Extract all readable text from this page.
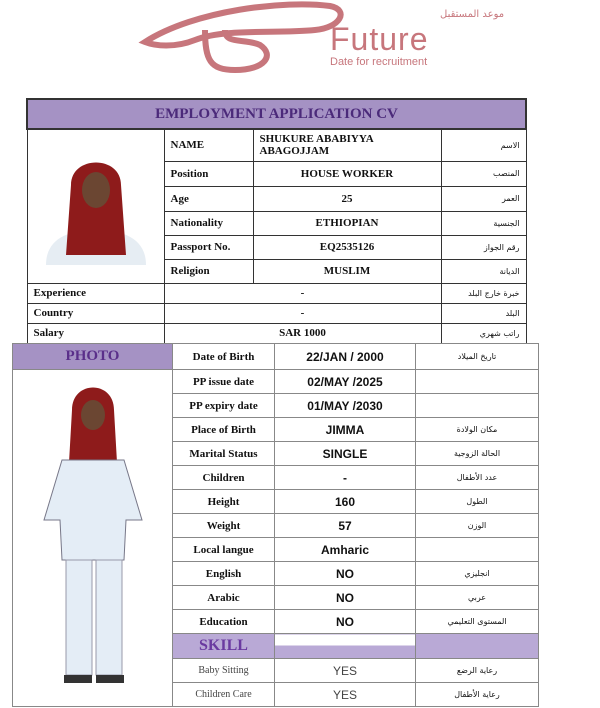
موعد المستقبل
Future
Date for recruitment
EMPLOYMENT APPLICATION CV			
	NAME	SHUKURE ABABIYYA ABAGOJJAM	الاسم
	Position	HOUSE WORKER	المنصب
	Age	25	العمر
	Nationality	ETHIOPIAN	الجنسية
	Passport No.	EQ2535126	رقم الجواز
	Religion	MUSLIM	الديانة
Experience	-		خبرة خارج البلد
Country	-		البلد
Salary	SAR 1000		راتب شهري
PHOTO	Date of Birth	22/JAN / 2000	تاريخ الميلاد
	PP issue date	02/MAY /2025	
	PP expiry date	01/MAY /2030	
	Place of Birth	JIMMA	مكان الولادة
	Marital Status	SINGLE	الحالة الزوجية
	Children	-	عدد الأطفال
	Height	160	الطول
	Weight	57	الوزن
	Local langue	Amharic	
	English	NO	انجليزي
	Arabic	NO	عربي
	Education	NO	المستوى التعليمي
	SKILL		
	Baby Sitting	YES	رعاية الرضع
	Children Care	YES	رعاية الأطفال
